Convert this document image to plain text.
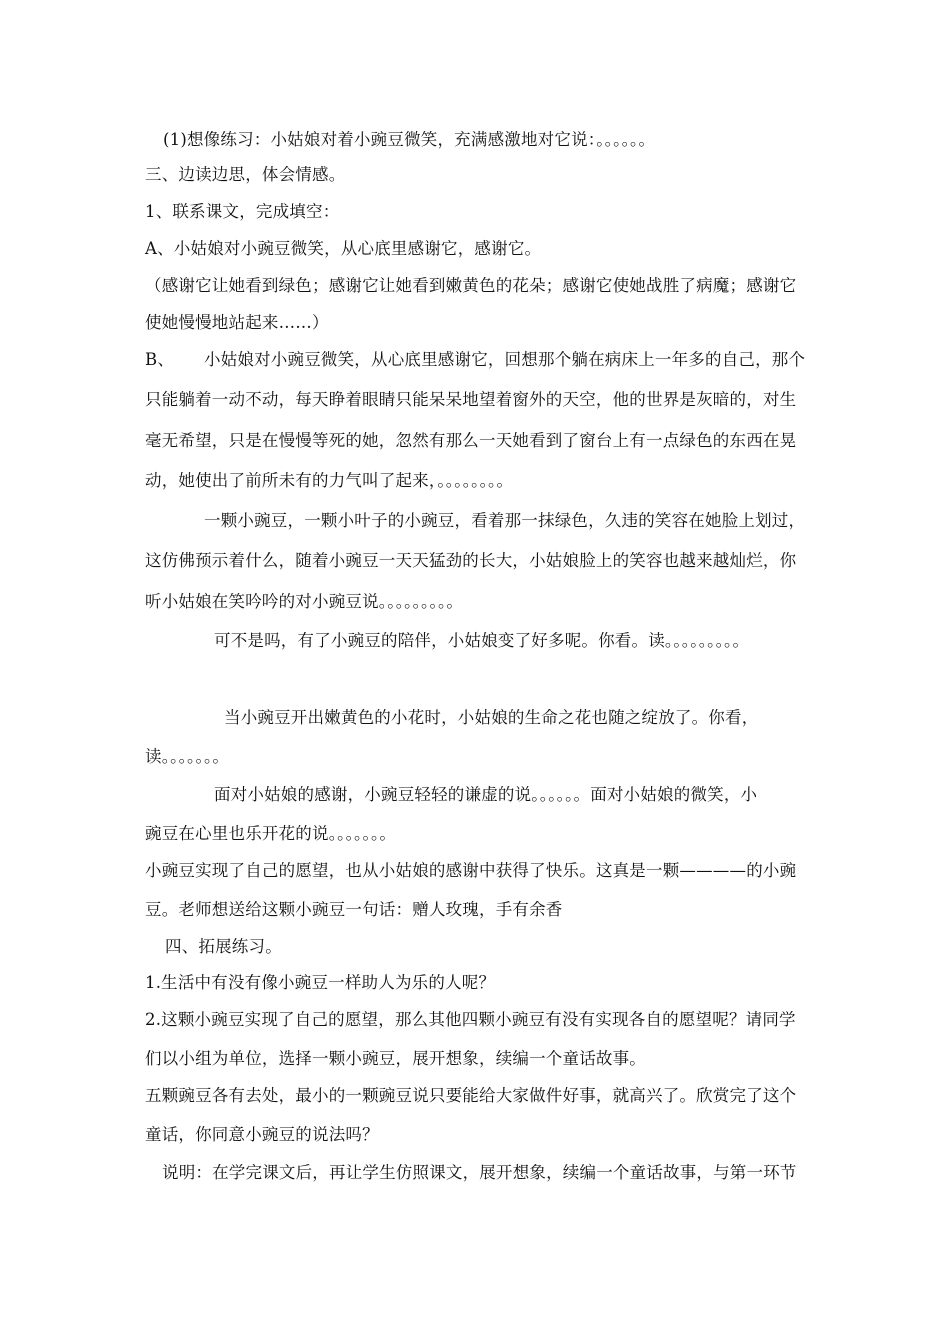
(1)想像练习：小姑娘对着小豌豆微笑，充满感激地对它说：。。。。。。
三、边读边思，体会情感。
1、联系课文，完成填空：
A、小姑娘对小豌豆微笑，从心底里感谢它，感谢它。
（感谢它让她看到绿色；感谢它让她看到嫩黄色的花朵；感谢它使她战胜了病魔；感谢它
使她慢慢地站起来……）
B、 小姑娘对小豌豆微笑，从心底里感谢它，回想那个躺在病床上一年多的自己，那个
只能躺着一动不动，每天睁着眼睛只能呆呆地望着窗外的天空，他的世界是灰暗的，对生
毫无希望，只是在慢慢等死的她，忽然有那么一天她看到了窗台上有一点绿色的东西在晃
动，她使出了前所未有的力气叫了起来，。。。。。。。。
一颗小豌豆，一颗小叶子的小豌豆，看着那一抹绿色，久违的笑容在她脸上划过，
这仿佛预示着什么，随着小豌豆一天天猛劲的长大，小姑娘脸上的笑容也越来越灿烂，你
听小姑娘在笑吟吟的对小豌豆说。。。。。。。。。
可不是吗，有了小豌豆的陪伴，小姑娘变了好多呢。你看。读。。。。。。。。。
当小豌豆开出嫩黄色的小花时，小姑娘的生命之花也随之绽放了。你看，
读。。。。。。。
面对小姑娘的感谢，小豌豆轻轻的谦虚的说。。。。。。面对小姑娘的微笑，小
豌豆在心里也乐开花的说。。。。。。。
小豌豆实现了自己的愿望，也从小姑娘的感谢中获得了快乐。这真是一颗————的小豌
豆。老师想送给这颗小豌豆一句话：赠人玫瑰，手有余香
四、拓展练习。
1.生活中有没有像小豌豆一样助人为乐的人呢？
2.这颗小豌豆实现了自己的愿望，那么其他四颗小豌豆有没有实现各自的愿望呢？请同学
们以小组为单位，选择一颗小豌豆，展开想象，续编一个童话故事。
五颗豌豆各有去处，最小的一颗豌豆说只要能给大家做件好事，就高兴了。欣赏完了这个
童话，你同意小豌豆的说法吗？
说明：在学完课文后，再让学生仿照课文，展开想象，续编一个童话故事，与第一环节
